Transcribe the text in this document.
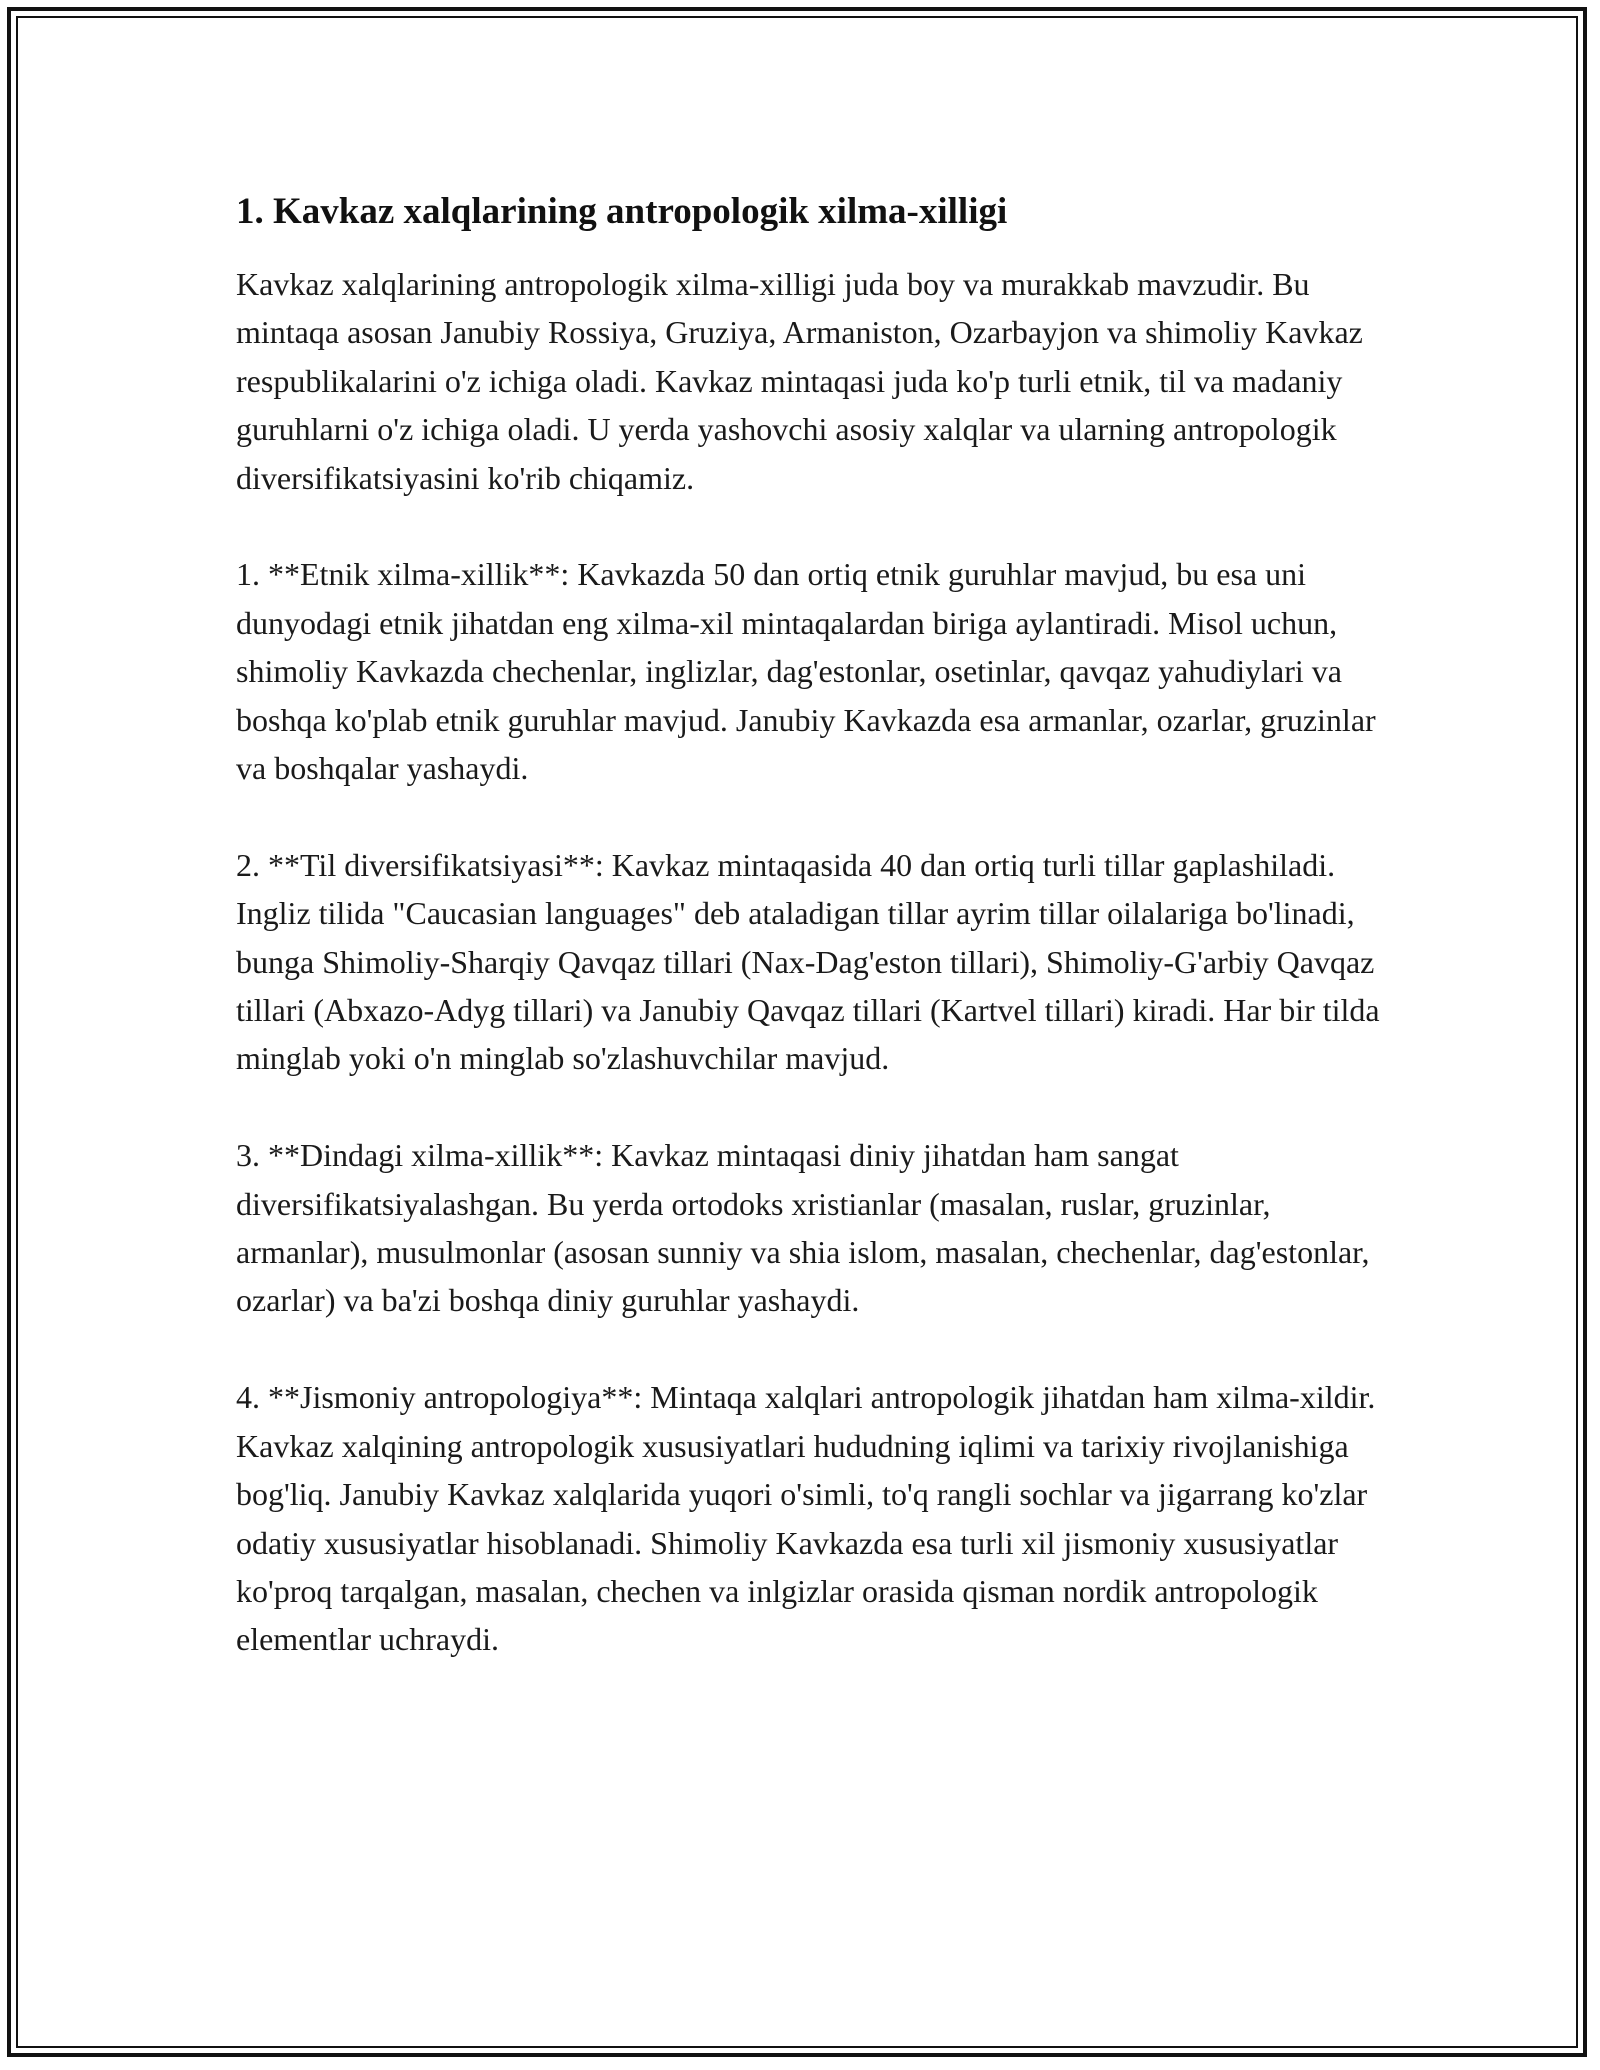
1. Kavkaz xalqlarining antropologik xilma-xilligi

Kavkaz xalqlarining antropologik xilma-xilligi juda boy va murakkab mavzudir. Bu mintaqa asosan Janubiy Rossiya, Gruziya, Armaniston, Ozarbayjon va shimoliy Kavkaz respublikalarini o'z ichiga oladi. Kavkaz mintaqasi juda ko'p turli etnik, til va madaniy guruhlarni o'z ichiga oladi. U yerda yashovchi asosiy xalqlar va ularning antropologik diversifikatsiyasini ko'rib chiqamiz.

1. **Etnik xilma-xillik**: Kavkazda 50 dan ortiq etnik guruhlar mavjud, bu esa uni dunyodagi etnik jihatdan eng xilma-xil mintaqalardan biriga aylantiradi. Misol uchun, shimoliy Kavkazda chechenlar, inglizlar, dag'estonlar, osetinlar, qavqaz yahudiylari va boshqa ko'plab etnik guruhlar mavjud. Janubiy Kavkazda esa armanlar, ozarlar, gruzinlar va boshqalar yashaydi.

2. **Til diversifikatsiyasi**: Kavkaz mintaqasida 40 dan ortiq turli tillar gaplashiladi. Ingliz tilida "Caucasian languages" deb ataladigan tillar ayrim tillar oilalariga bo'linadi, bunga Shimoliy-Sharqiy Qavqaz tillari (Nax-Dag'eston tillari), Shimoliy-G'arbiy Qavqaz tillari (Abxazo-Adyg tillari) va Janubiy Qavqaz tillari (Kartvel tillari) kiradi. Har bir tilda minglab yoki o'n minglab so'zlashuvchilar mavjud.

3. **Dindagi xilma-xillik**: Kavkaz mintaqasi diniy jihatdan ham sangat diversifikatsiyalashgan. Bu yerda ortodoks xristianlar (masalan, ruslar, gruzinlar, armanlar), musulmonlar (asosan sunniy va shia islom, masalan, chechenlar, dag'estonlar, ozarlar) va ba'zi boshqa diniy guruhlar yashaydi.

4. **Jismoniy antropologiya**: Mintaqa xalqlari antropologik jihatdan ham xilma-xildir. Kavkaz xalqining antropologik xususiyatlari hududning iqlimi va tarixiy rivojlanishiga bog'liq. Janubiy Kavkaz xalqlarida yuqori o'simli, to'q rangli sochlar va jigarrang ko'zlar odatiy xususiyatlar hisoblanadi. Shimoliy Kavkazda esa turli xil jismoniy xususiyatlar ko'proq tarqalgan, masalan, chechen va inlgizlar orasida qisman nordik antropologik elementlar uchraydi.
